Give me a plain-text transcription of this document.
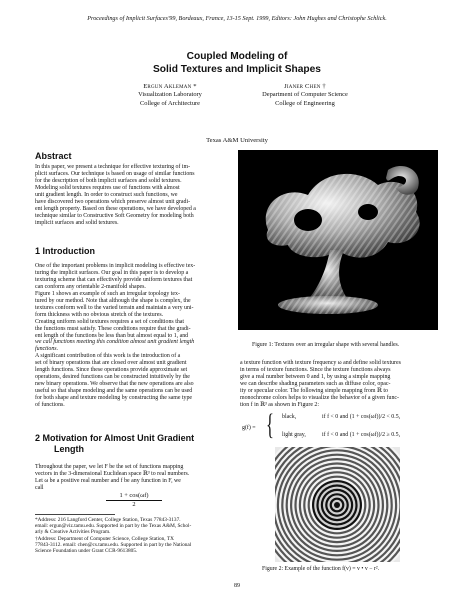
Proceedings of Implicit Surfaces'99, Bordeaux, France, 13-15 Sept. 1999, Editors: John Hughes and Christophe Schlick.
Coupled Modeling of
Solid Textures and Implicit Shapes
Ergun Akleman *
Visualization Laboratory
College of Architecture
Jianer Chen †
Department of Computer Science
College of Engineering
Texas A&M University
Abstract
In this paper, we present a technique for effective texturing of im-
plicit surfaces. Our technique is based on usage of similar functions
for the description of both implicit surfaces and solid textures.
Modeling solid textures requires use of functions with almost
unit gradient length. In order to construct such functions, we
have discovered two operations which preserve almost unit gradi-
ent length property. Based on these operations, we have developed a
technique similar to Constructive Soft Geometry for modeling both
implicit surfaces and solid textures.
1 Introduction
One of the important problems in implicit modeling is effective tex-
turing the implicit surfaces. Our goal in this paper is to develop a
texturing scheme that can effectively provide uniform textures that
can conform any orientable 2-manifold shapes.
Figure 1 shows an example of such an irregular topology tex-
tured by our method. Note that although the shape is complex, the
textures conform well to the varied terrain and maintain a very uni-
form thickness with no obvious stretch of the textures.
Creating uniform solid textures requires a set of conditions that
the functions must satisfy. These conditions require that the gradi-
ent length of the functions be less than but almost equal to 1, and
we call functions meeting this condition almost unit gradient length
functions.
A significant contribution of this work is the introduction of a
set of binary operations that are closed over almost unit gradient
length functions. Since these operations provide approximate set
operations, desired functions can be constructed intuitively by the
new binary operations. We observe that the new operations are also
useful so that shape modeling and the same operations can be used
for both shape and texture modeling by constructing the same type
of functions.
2 Motivation for Almost Unit Gradient
Length
Throughout the paper, we let F be the set of functions mapping
vectors in the 3-dimensional Euclidean space ℝ³ to real numbers.
Let ω be a positive real number and f be any function in F, we
call
1 + cos(ωf)
2
*Address: 216 Langford Center, College Station, Texas 77843-3137.
email: ergun@viz.tamu.edu. Supported in part by the Texas A&M, Schol-
arly & Creative Activities Program.
†Address: Department of Computer Science, College Station, TX
77843-3112. email: chen@cs.tamu.edu. Supported in part by the National
Science Foundation under Grant CCR-9613805.
Figure 1: Textures over an irregular shape with several handles.
a texture function with texture frequency ω and define solid textures
in terms of texture functions. Since the texture functions always
give a real number between 0 and 1, by using a simple mapping
we can describe shading parameters such as diffuse color, opac-
ity or specular color. The following simple mapping from ℝ to
monochrome colors helps to visualize the behavior of a given func-
tion f in ℝ³ as shown in Figure 2:
g(f) = { black,	if f < 0 and (1 + cos(ωf))/2 < 0.5,
light gray,	if f < 0 and (1 + cos(ωf))/2 ≥ 0.5,

Figure 2: Example of the function f(v) = v • v − r².
89
